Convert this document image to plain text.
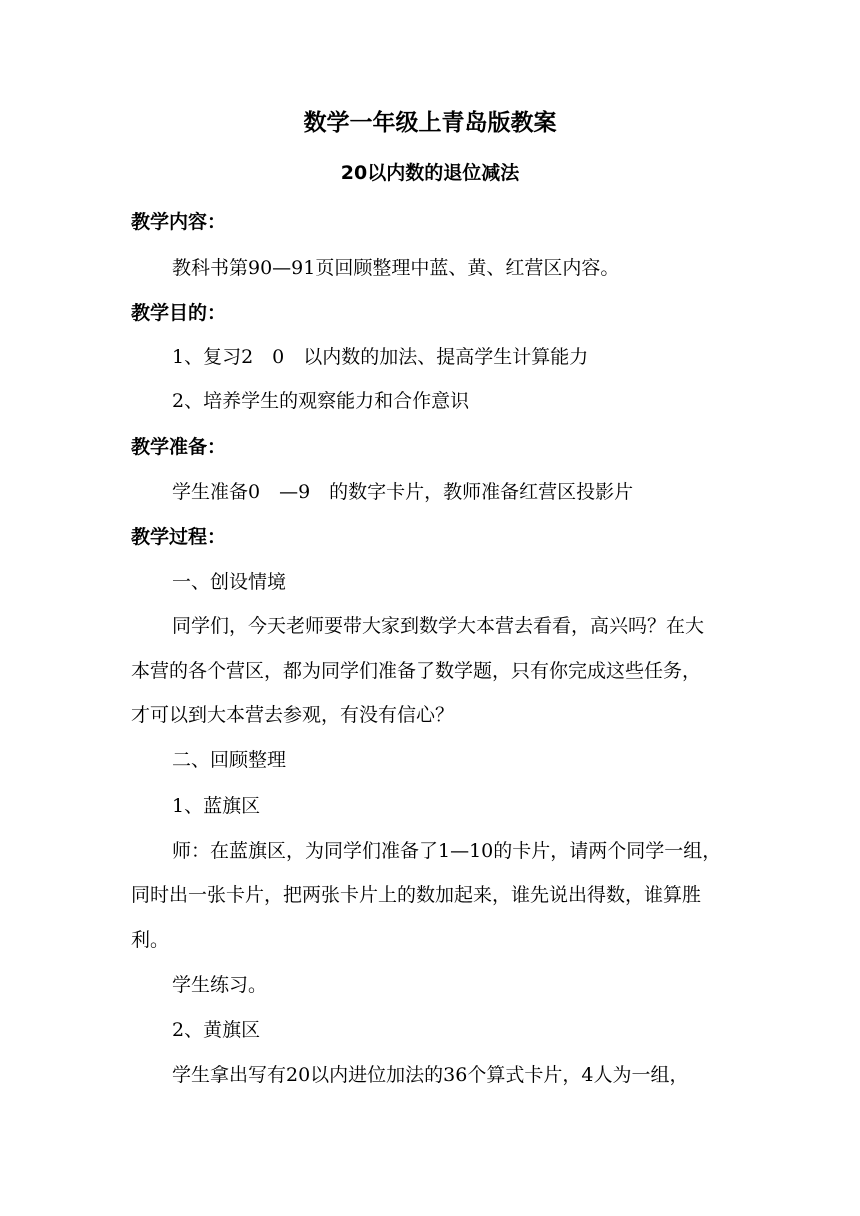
数学一年级上青岛版教案
20以内数的退位减法
教学内容：
教科书第90—91页回顾整理中蓝、黄、红营区内容。
教学目的：
1、复习2　0　以内数的加法、提高学生计算能力
2、培养学生的观察能力和合作意识
教学准备：
学生准备0　—9　的数字卡片，教师准备红营区投影片
教学过程：
一、创设情境
同学们，今天老师要带大家到数学大本营去看看，高兴吗？在大
本营的各个营区，都为同学们准备了数学题，只有你完成这些任务，
才可以到大本营去参观，有没有信心？
二、回顾整理
1、蓝旗区
师：在蓝旗区，为同学们准备了1—10的卡片，请两个同学一组，
同时出一张卡片，把两张卡片上的数加起来，谁先说出得数，谁算胜
利。
学生练习。
2、黄旗区
学生拿出写有20以内进位加法的36个算式卡片，4人为一组，
